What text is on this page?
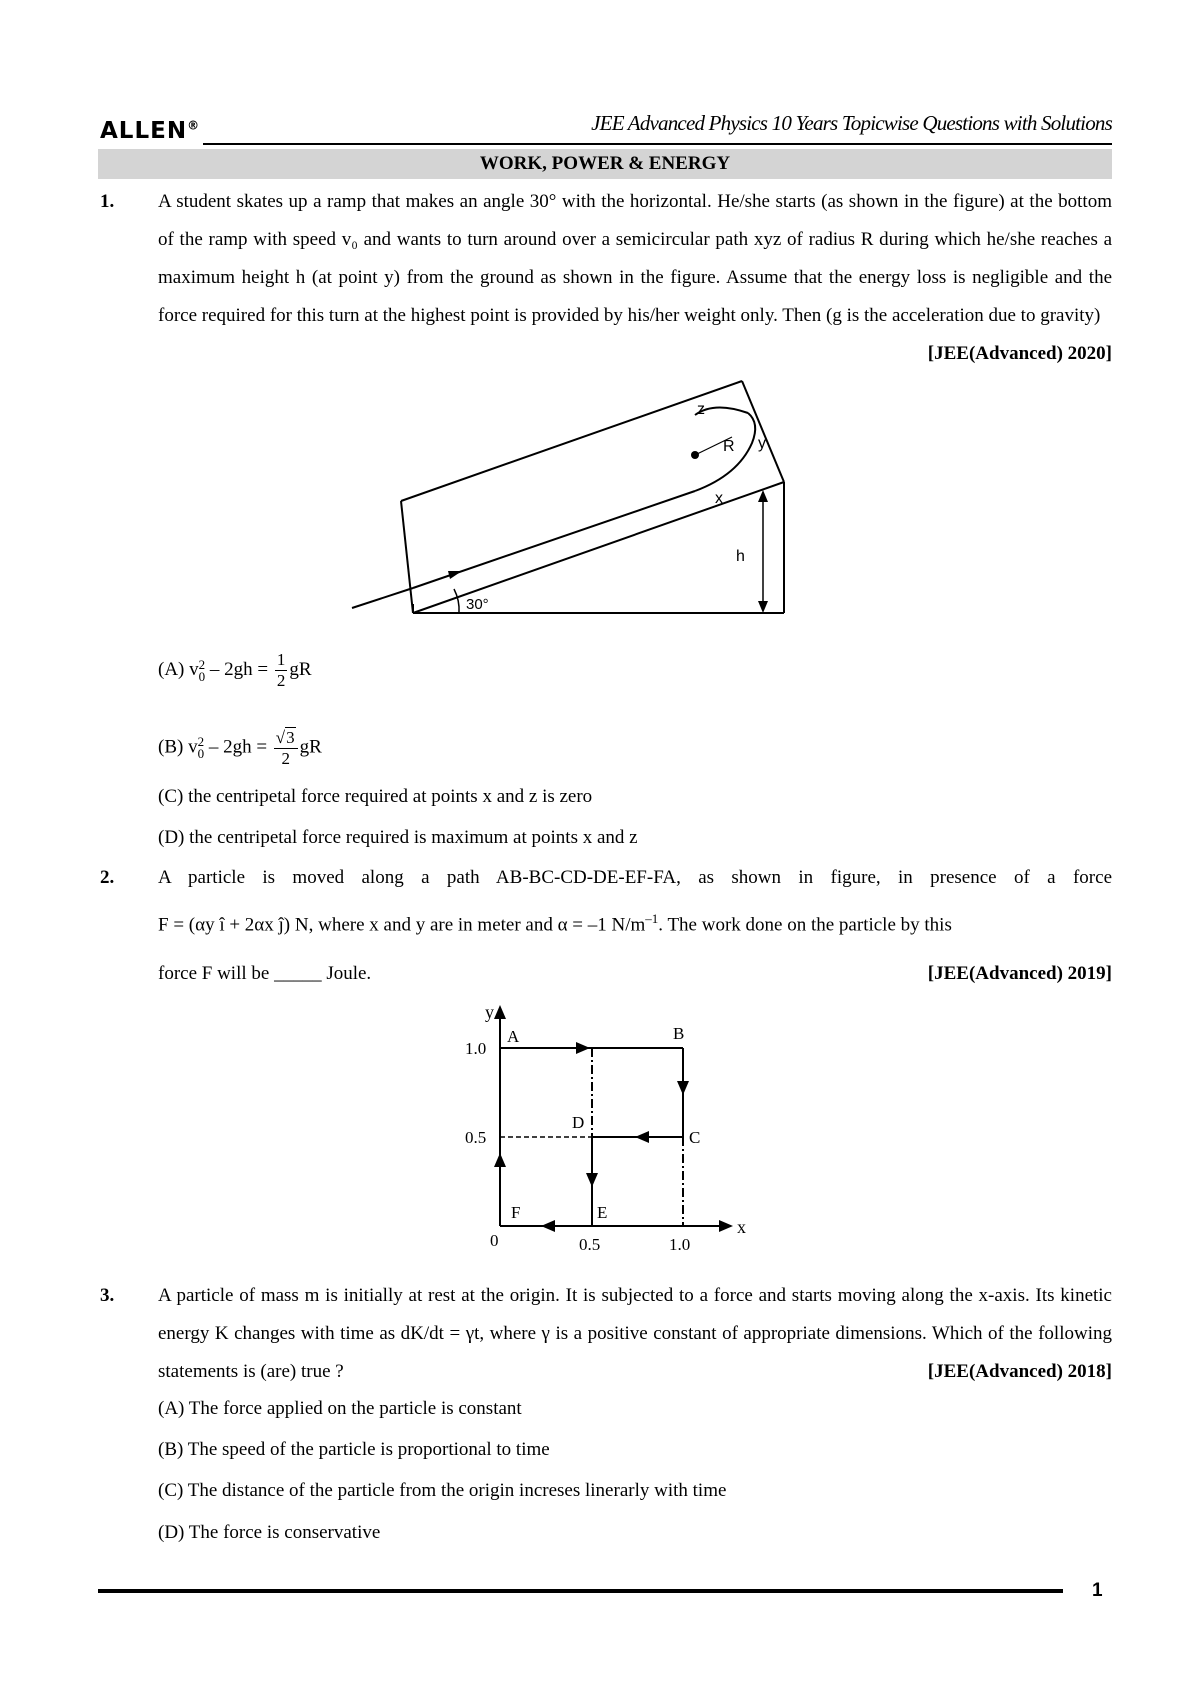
ALLEN®	JEE Advanced Physics 10 Years Topicwise Questions with Solutions
WORK, POWER & ENERGY
1. A student skates up a ramp that makes an angle 30° with the horizontal. He/she starts (as shown in the figure) at the bottom of the ramp with speed v₀ and wants to turn around over a semicircular path xyz of radius R during which he/she reaches a maximum height h (at point y) from the ground as shown in the figure. Assume that the energy loss is negligible and the force required for this turn at the highest point is provided by his/her weight only. Then (g is the acceleration due to gravity)
[JEE(Advanced) 2020]
z
R y
x
h
30°
(A) v 2
$0 - 2gh = \frac{1}{2}$ gR
(B) v 2
$0 - 2gh = \frac{√3}{2}$ gR
(C) the centripetal force required at points x and z is zero
(D) the centripetal force required is maximum at points x and z
2. A particle is moved along a path AB-BC-CD-DE-EF-FA, as shown in figure, in presence of a force
F = (αy î + 2αx ĵ) N, where x and y are in meter and α = –1 $N/m^{-1}$. The work done on the particle by this
force F will be _____ Joule.	[JEE(Advanced) 2019]
y
x
1.0
0.5
0	0.5	1.0
A	B
C
D
E
F
3. A particle of mass m is initially at rest at the origin. It is subjected to a force and starts moving along the x-axis. Its kinetic energy K changes with time as dK/dt = γt, where γ is a positive constant of appropriate dimensions. Which of the following statements is (are) true ?	[JEE(Advanced) 2018]
(A) The force applied on the particle is constant
(B) The speed of the particle is proportional to time
(C) The distance of the particle from the origin increses linerarly with time
(D) The force is conservative
1
